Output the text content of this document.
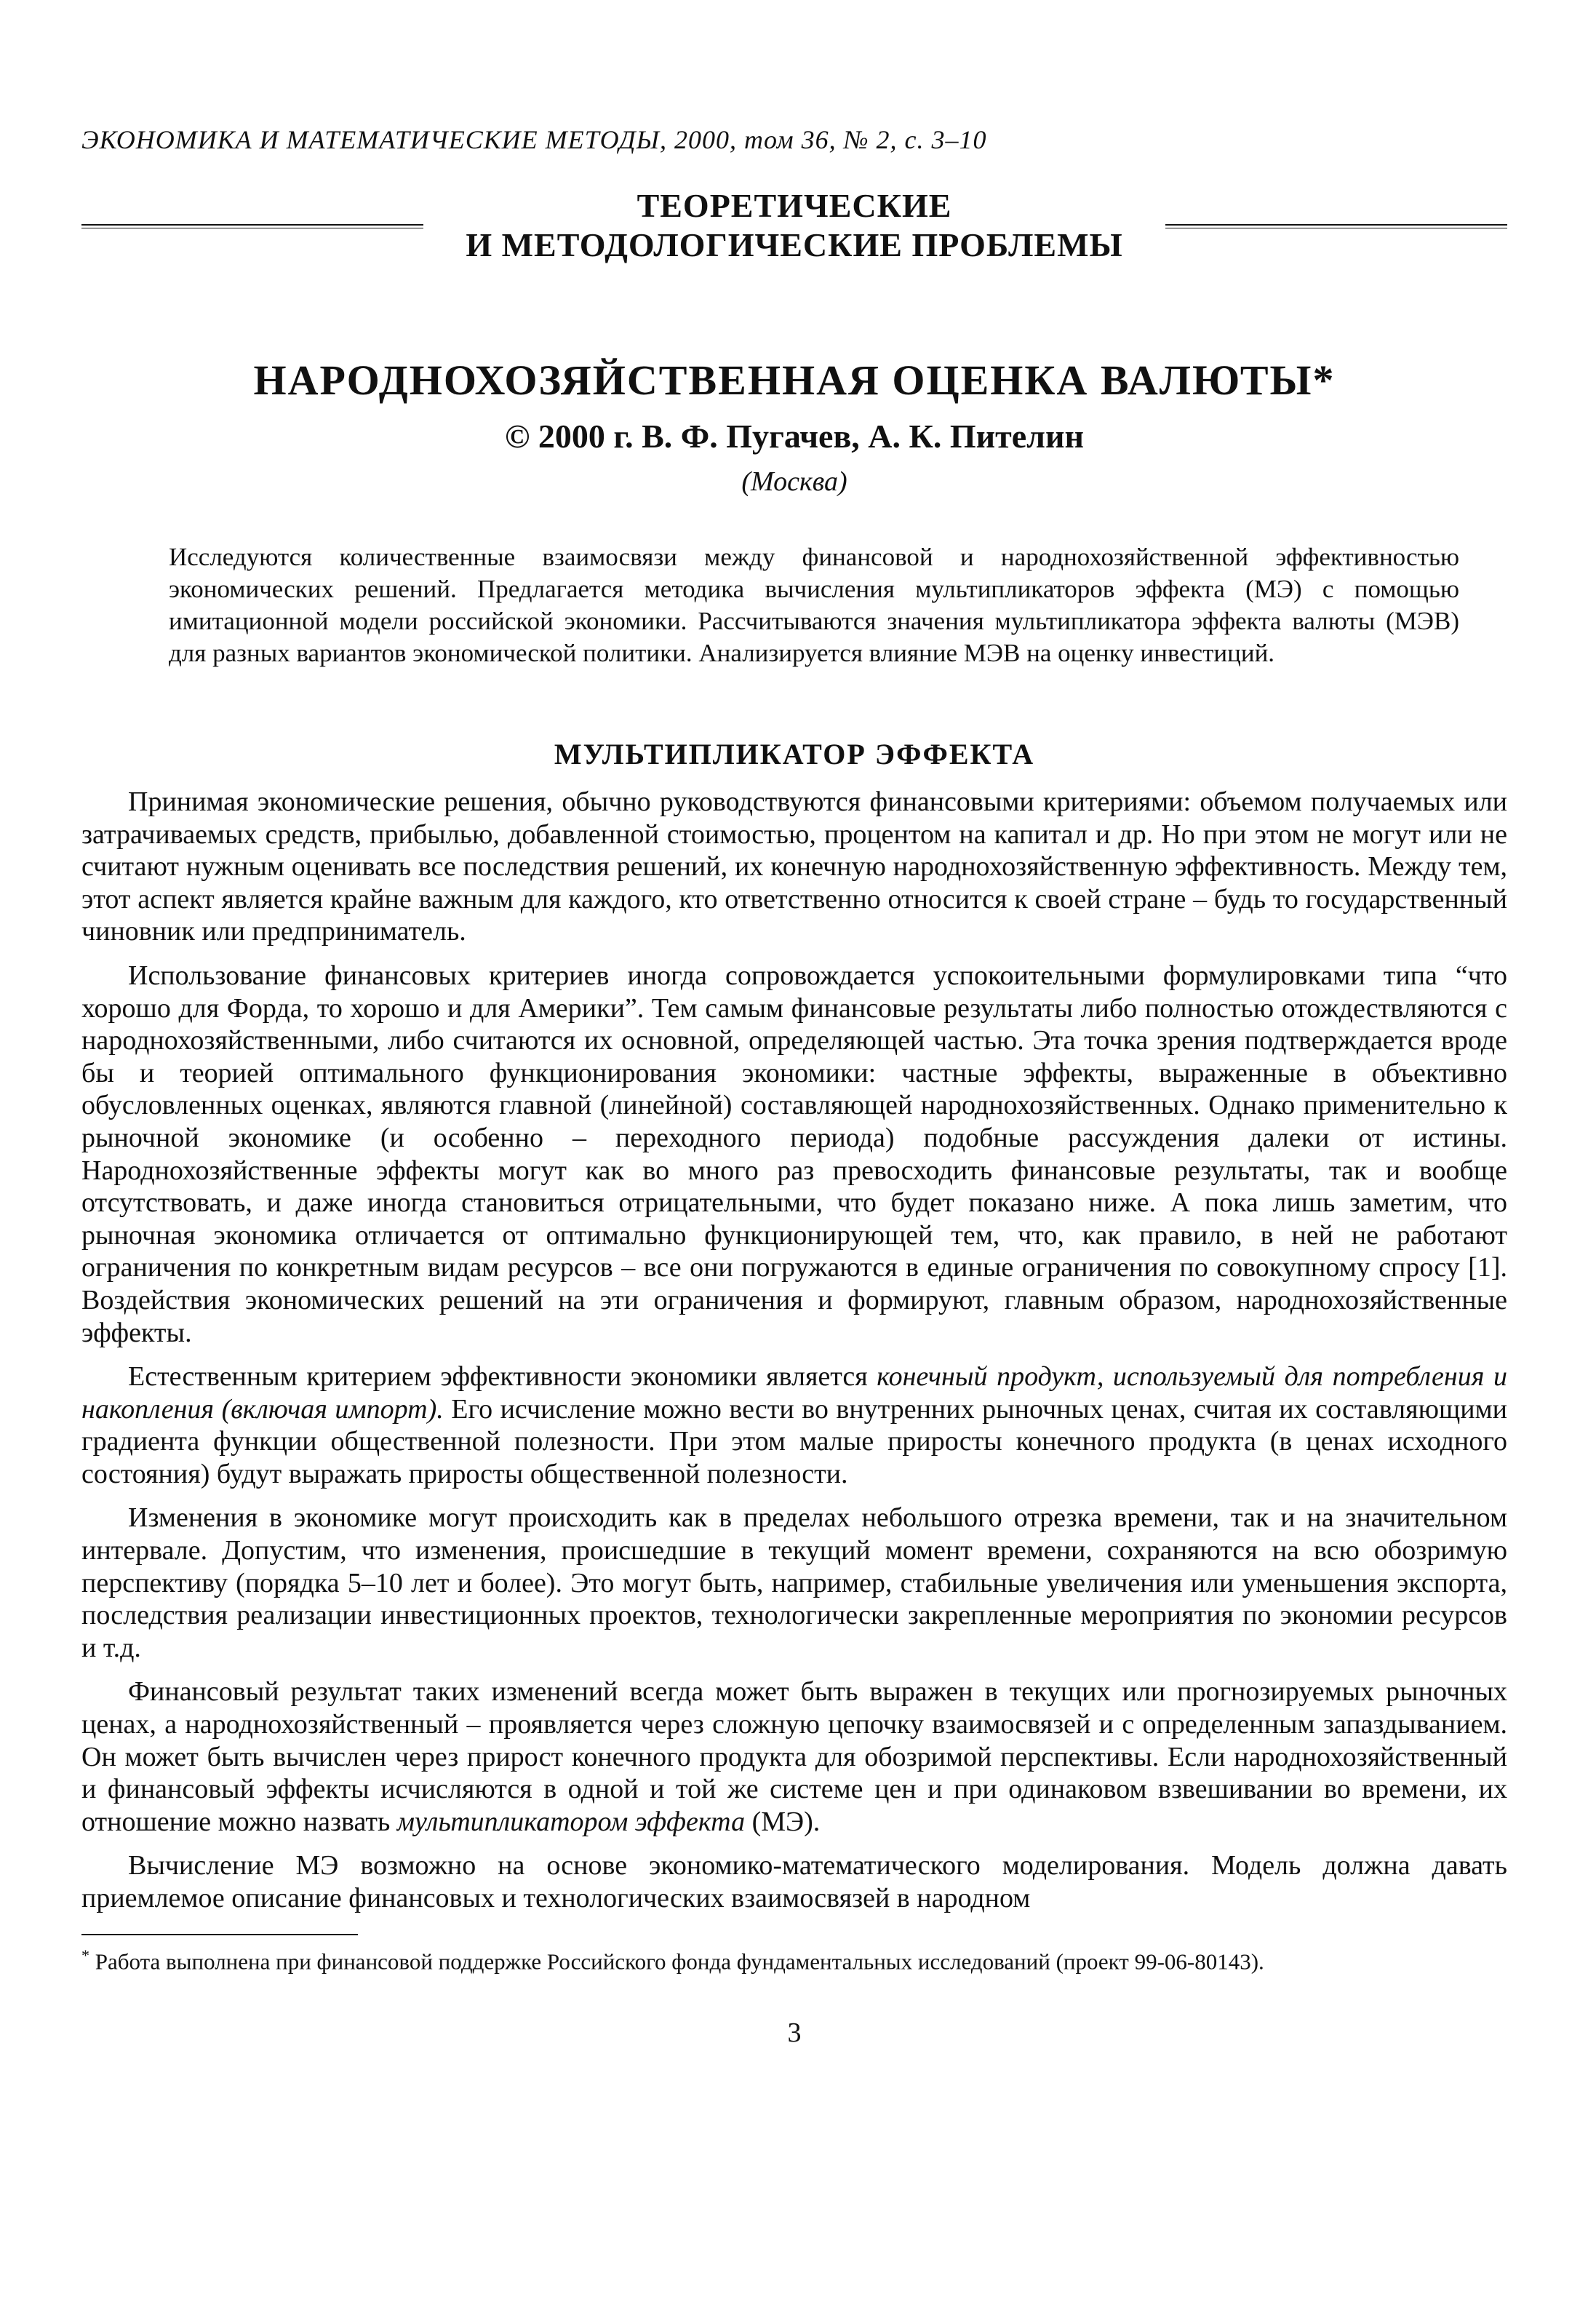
ЭКОНОМИКА И МАТЕМАТИЧЕСКИЕ МЕТОДЫ, 2000, том 36, № 2, с. 3–10

ТЕОРЕТИЧЕСКИЕ
И МЕТОДОЛОГИЧЕСКИЕ ПРОБЛЕМЫ
НАРОДНОХОЗЯЙСТВЕННАЯ ОЦЕНКА ВАЛЮТЫ*

© 2000 г. В. Ф. Пугачев, А. К. Пителин

(Москва)

Исследуются количественные взаимосвязи между финансовой и народнохозяйственной эффективностью экономических решений. Предлагается методика вычисления мультипликаторов эффекта (МЭ) с помощью имитационной модели российской экономики. Рассчитываются значения мультипликатора эффекта валюты (МЭВ) для разных вариантов экономической политики. Анализируется влияние МЭВ на оценку инвестиций.

МУЛЬТИПЛИКАТОР ЭФФЕКТА

Принимая экономические решения, обычно руководствуются финансовыми критериями: объемом получаемых или затрачиваемых средств, прибылью, добавленной стоимостью, процентом на капитал и др. Но при этом не могут или не считают нужным оценивать все последствия решений, их конечную народнохозяйственную эффективность. Между тем, этот аспект является крайне важным для каждого, кто ответственно относится к своей стране – будь то государственный чиновник или предприниматель.

Использование финансовых критериев иногда сопровождается успокоительными формулировками типа “что хорошо для Форда, то хорошо и для Америки”. Тем самым финансовые результаты либо полностью отождествляются с народнохозяйственными, либо считаются их основной, определяющей частью. Эта точка зрения подтверждается вроде бы и теорией оптимального функционирования экономики: частные эффекты, выраженные в объективно обусловленных оценках, являются главной (линейной) составляющей народнохозяйственных. Однако применительно к рыночной экономике (и особенно – переходного периода) подобные рассуждения далеки от истины. Народнохозяйственные эффекты могут как во много раз превосходить финансовые результаты, так и вообще отсутствовать, и даже иногда становиться отрицательными, что будет показано ниже. А пока лишь заметим, что рыночная экономика отличается от оптимально функционирующей тем, что, как правило, в ней не работают ограничения по конкретным видам ресурсов – все они погружаются в единые ограничения по совокупному спросу [1]. Воздействия экономических решений на эти ограничения и формируют, главным образом, народнохозяйственные эффекты.

Естественным критерием эффективности экономики является конечный продукт, используемый для потребления и накопления (включая импорт). Его исчисление можно вести во внутренних рыночных ценах, считая их составляющими градиента функции общественной полезности. При этом малые приросты конечного продукта (в ценах исходного состояния) будут выражать приросты общественной полезности.

Изменения в экономике могут происходить как в пределах небольшого отрезка времени, так и на значительном интервале. Допустим, что изменения, происшедшие в текущий момент времени, сохраняются на всю обозримую перспективу (порядка 5–10 лет и более). Это могут быть, например, стабильные увеличения или уменьшения экспорта, последствия реализации инвестиционных проектов, технологически закрепленные мероприятия по экономии ресурсов и т.д.

Финансовый результат таких изменений всегда может быть выражен в текущих или прогнозируемых рыночных ценах, а народнохозяйственный – проявляется через сложную цепочку взаимосвязей и с определенным запаздыванием. Он может быть вычислен через прирост конечного продукта для обозримой перспективы. Если народнохозяйственный и финансовый эффекты исчисляются в одной и той же системе цен и при одинаковом взвешивании во времени, их отношение можно назвать мультипликатором эффекта (МЭ).

Вычисление МЭ возможно на основе экономико-математического моделирования. Модель должна давать приемлемое описание финансовых и технологических взаимосвязей в народном

* Работа выполнена при финансовой поддержке Российского фонда фундаментальных исследований (проект 99-06-80143).

3
